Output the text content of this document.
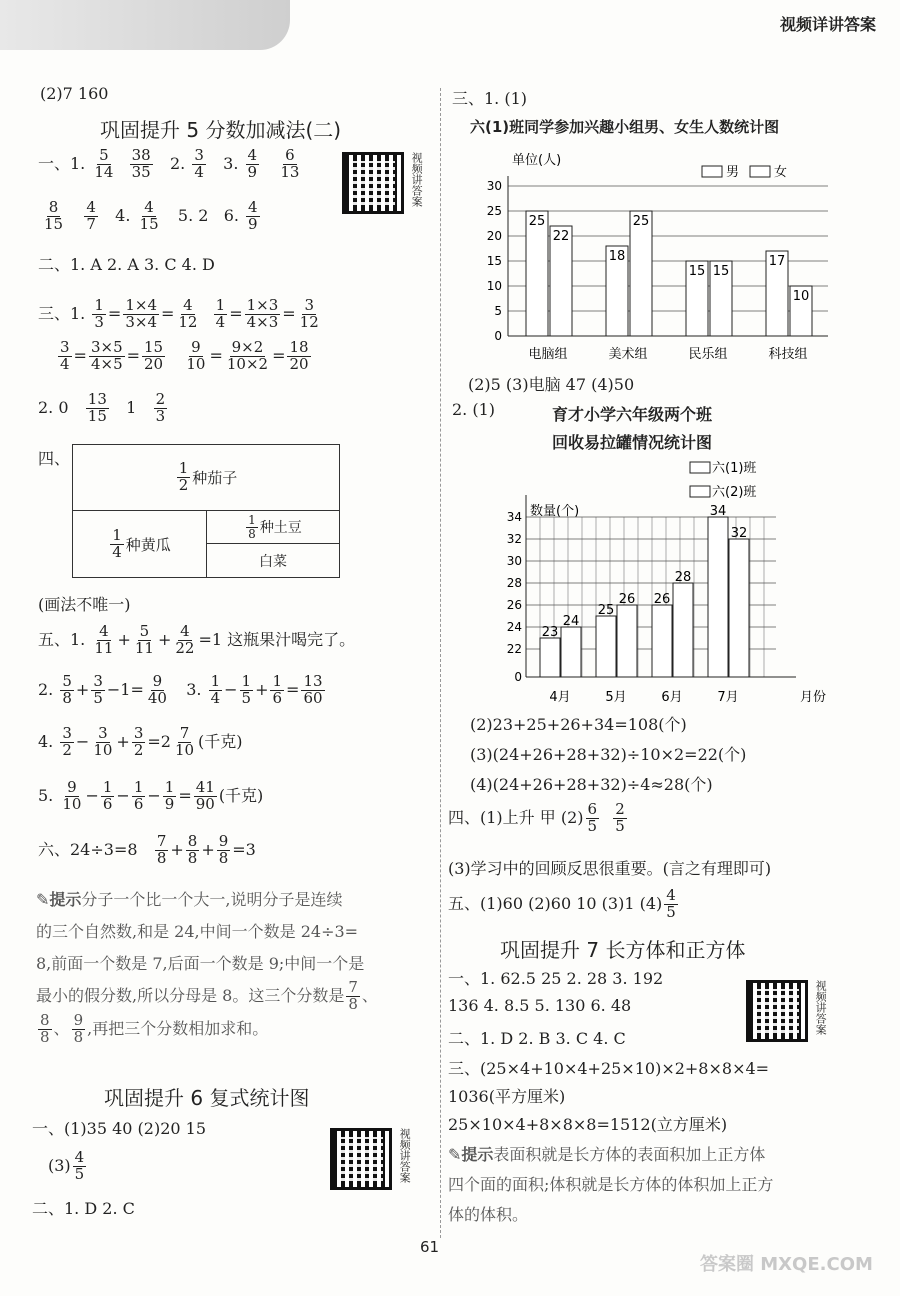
视频详讲答案
(2)7 160
巩固提升 5 分数加减法(二)
一、1. $\frac{5}{14}$
$\frac{38}{35} 2$. $\frac{3}{4} 3$. $\frac{4}{9}$
$\frac{6}{13}$	视频讲答案
$\frac{8}{15}$
$\frac{4}{7} 4$. $\frac{4}{15} 5$. 2 6. $\frac{4}{9}$
二、1. A 2. A 3. C 4. D
三、1. $\frac{1}{3} = \frac{1\times 4}{3\times 4} = \frac{4}{12}$
$\frac{1}{4} = \frac{1\times 3}{4\times 3} = \frac{3}{12}$
$\frac{3}{4} = \frac{3\times 5}{4\times 5} = \frac{15}{20}$
$\frac{9}{10} = \frac{9\times 2}{10\times 2} = \frac{18}{20}$
2. $0 \frac{13}{15} 1 \frac{2}{3}$
四、
$\frac{1}{2}$ 种茄子
$\frac{1}{4}$ 种黄瓜
$\frac{1}{8}$ 种土豆
白菜
(画法不唯一)
五、1. $\frac{4}{11} + \frac{5}{11} + \frac{4}{22} =1$ 这瓶果汁喝完了。
2. $\frac{5}{8} + \frac{3}{5} -1= \frac{9}{40} 3$. $\frac{1}{4} - \frac{1}{5} + \frac{1}{6} = \frac{13}{60}$
4. $\frac{3}{2} - \frac{3}{10} + \frac{3}{2} =2 \frac{7}{10}$ (千克)
5. $\frac{9}{10} - \frac{1}{6} - \frac{1}{6} - \frac{1}{9} = \frac{41}{90}$ (千克)
六、$24\div 3=8 \frac{7}{8} + \frac{8}{8} + \frac{9}{8} =3$
✎提示分子一个比一个大一,说明分子是连续
的三个自然数,和是 24,中间一个数是 24÷3=
8,前面一个数是 7,后面一个数是 9;中间一个是
最小的假分数,所以分母是 8。这三个分数是 $\frac{7}{8}$ 、
$\frac{8}{8}$ 、 $\frac{9}{8}$ ,再把三个分数相加求和。
巩固提升 6 复式统计图
一、(1)35 40 (2)20 15
$(3) \frac{4}{5}$
二、1. D 2. C
视频讲答案
三、1. (1)
六(1)班同学参加兴趣小组男、女生人数统计图
单位(人)
0
5
10
15
20
25
30
男	女
25
22
电脑组
18
25
美术组
15 15
民乐组
17
10
科技组
(2)5 (3)电脑 47 (4)50
2. (1)	育才小学六年级两个班
回收易拉罐情况统计图
数量(个)
0
22
24
26
28
30
32
34
月份
六(1)班
六(2)班
23
24
4月
25
26
5月
26
28
6月
34
32
7月
(2)23+25+26+34=108(个)
(3)(24+26+28+32)÷10×2=22(个)
(4)(24+26+28+32)÷4≈28(个)
四、(1)上升 甲 $(2) \frac{6}{5}$
$\frac{2}{5}$
(3)学习中的回顾反思很重要。(言之有理即可)
五、(1)60 (2)60 10 (3)1 $(4) \frac{4}{5}$
巩固提升 7 长方体和正方体
一、1. 62.5 25 2. 28 3. 192
136 4. 8.5 5. 130 6. 48
二、1. D 2. B 3. C 4. C
视频讲答案
三、(25×4+10×4+25×10)×2+8×8×4=
1036(平方厘米)
25×10×4+8×8×8=1512(立方厘米)
✎提示表面积就是长方体的表面积加上正方体
四个面的面积;体积就是长方体的体积加上正方
体的体积。
61
答案圈 MXQE.COM
